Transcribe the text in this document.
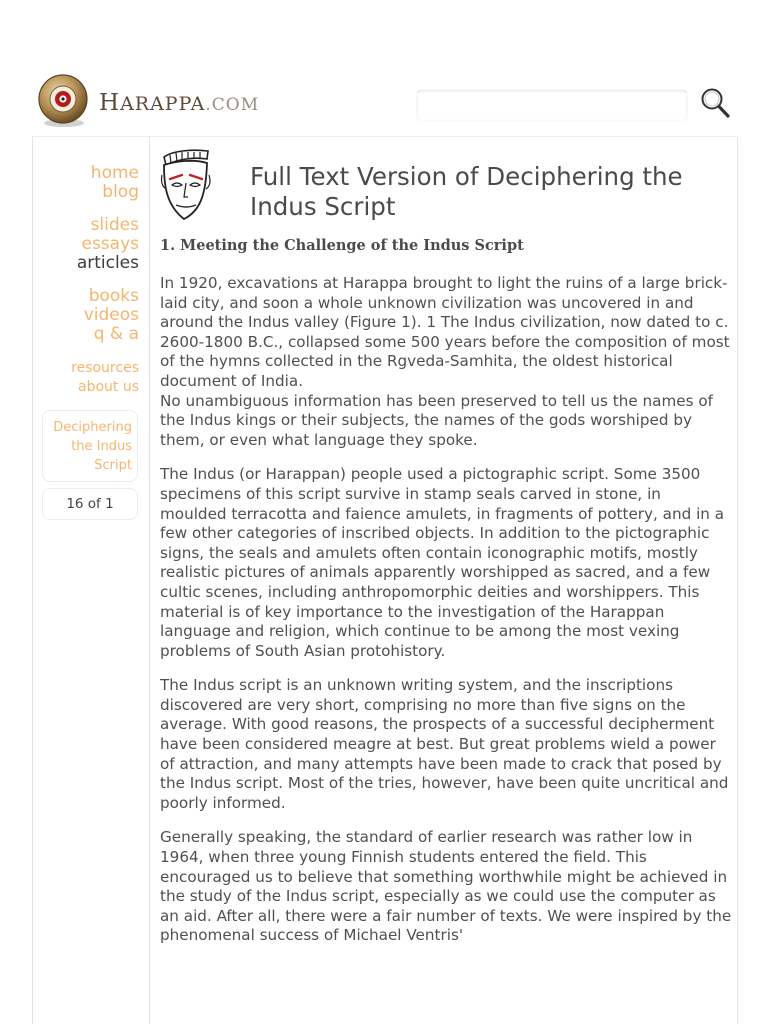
HARAPPA.COM
home
blog
slides
essays
articles
books
videos
q & a
resources
about us
Deciphering
the Indus
Script
16 of 1
Full Text Version of Deciphering the Indus Script
1. Meeting the Challenge of the Indus Script

In 1920, excavations at Harappa brought to light the ruins of a large brick-laid city, and soon a whole unknown civilization was uncovered in and around the Indus valley (Figure 1). 1 The Indus civilization, now dated to c. 2600-1800 B.C., collapsed some 500 years before the composition of most of the hymns collected in the Rgveda-Samhita, the oldest historical document of India.
No unambiguous information has been preserved to tell us the names of the Indus kings or their subjects, the names of the gods worshiped by them, or even what language they spoke.

The Indus (or Harappan) people used a pictographic script. Some 3500 specimens of this script survive in stamp seals carved in stone, in moulded terracotta and faience amulets, in fragments of pottery, and in a few other categories of inscribed objects. In addition to the pictographic signs, the seals and amulets often contain iconographic motifs, mostly realistic pictures of animals apparently worshipped as sacred, and a few cultic scenes, including anthropomorphic deities and worshippers. This material is of key importance to the investigation of the Harappan language and religion, which continue to be among the most vexing problems of South Asian protohistory.

The Indus script is an unknown writing system, and the inscriptions discovered are very short, comprising no more than five signs on the average. With good reasons, the prospects of a successful decipherment have been considered meagre at best. But great problems wield a power of attraction, and many attempts have been made to crack that posed by the Indus script. Most of the tries, however, have been quite uncritical and poorly informed.

Generally speaking, the standard of earlier research was rather low in 1964, when three young Finnish students entered the field. This encouraged us to believe that something worthwhile might be achieved in the study of the Indus script, especially as we could use the computer as an aid. After all, there were a fair number of texts. We were inspired by the phenomenal success of Michael Ventris'
